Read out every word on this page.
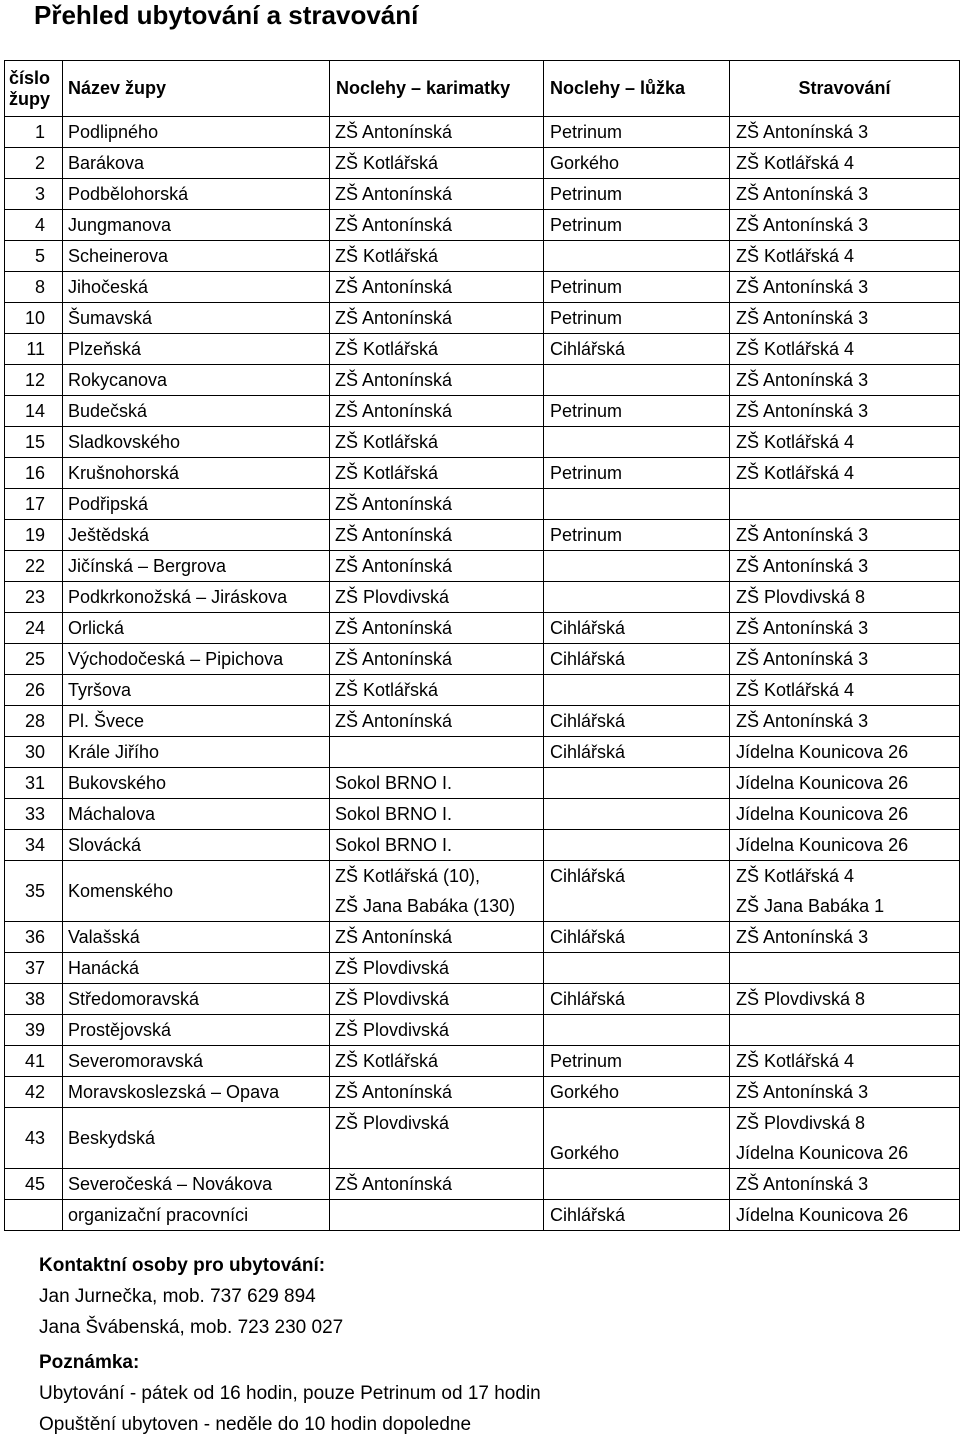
Přehled ubytování a stravování
číslo župy	Název župy	Noclehy – karimatky	Noclehy – lůžka	Stravování
1	Podlipného	ZŠ Antonínská	Petrinum	ZŠ Antonínská 3
2	Barákova	ZŠ Kotlářská	Gorkého	ZŠ Kotlářská 4
3	Podbělohorská	ZŠ Antonínská	Petrinum	ZŠ Antonínská 3
4	Jungmanova	ZŠ Antonínská	Petrinum	ZŠ Antonínská 3
5	Scheinerova	ZŠ Kotlářská		ZŠ Kotlářská 4
8	Jihočeská	ZŠ Antonínská	Petrinum	ZŠ Antonínská 3
10	Šumavská	ZŠ Antonínská	Petrinum	ZŠ Antonínská 3
11	Plzeňská	ZŠ Kotlářská	Cihlářská	ZŠ Kotlářská 4
12	Rokycanova	ZŠ Antonínská		ZŠ Antonínská 3
14	Budečská	ZŠ Antonínská	Petrinum	ZŠ Antonínská 3
15	Sladkovského	ZŠ Kotlářská		ZŠ Kotlářská 4
16	Krušnohorská	ZŠ Kotlářská	Petrinum	ZŠ Kotlářská 4
17	Podřipská	ZŠ Antonínská		
19	Ještědská	ZŠ Antonínská	Petrinum	ZŠ Antonínská 3
22	Jičínská – Bergrova	ZŠ Antonínská		ZŠ Antonínská 3
23	Podkrkonožská – Jiráskova	ZŠ Plovdivská		ZŠ Plovdivská 8
24	Orlická	ZŠ Antonínská	Cihlářská	ZŠ Antonínská 3
25	Východočeská – Pipichova	ZŠ Antonínská	Cihlářská	ZŠ Antonínská 3
26	Tyršova	ZŠ Kotlářská		ZŠ Kotlářská 4
28	Pl. Švece	ZŠ Antonínská	Cihlářská	ZŠ Antonínská 3
30	Krále Jiřího		Cihlářská	Jídelna Kounicova 26
31	Bukovského	Sokol BRNO I.		Jídelna Kounicova 26
33	Máchalova	Sokol BRNO I.		Jídelna Kounicova 26
34	Slovácká	Sokol BRNO I.		Jídelna Kounicova 26
35	Komenského	ZŠ Kotlářská (10),	Cihlářská	ZŠ Kotlářská 4
		ZŠ Jana Babáka (130)		ZŠ Jana Babáka 1
36	Valašská	ZŠ Antonínská	Cihlářská	ZŠ Antonínská 3
37	Hanácká	ZŠ Plovdivská		
38	Středomoravská	ZŠ Plovdivská	Cihlářská	ZŠ Plovdivská 8
39	Prostějovská	ZŠ Plovdivská		
41	Severomoravská	ZŠ Kotlářská	Petrinum	ZŠ Kotlářská 4
42	Moravskoslezská – Opava	ZŠ Antonínská	Gorkého	ZŠ Antonínská 3
43	Beskydská	ZŠ Plovdivská		ZŠ Plovdivská 8
			Gorkého	Jídelna Kounicova 26
45	Severočeská – Novákova	ZŠ Antonínská		ZŠ Antonínská 3
	organizační pracovníci		Cihlářská	Jídelna Kounicova 26
Kontaktní osoby pro ubytování:
Jan Jurnečka, mob. 737 629 894
Jana Švábenská, mob. 723 230 027
Poznámka:
Ubytování - pátek od 16 hodin, pouze Petrinum od 17 hodin
Opuštění ubytoven - neděle do 10 hodin dopoledne
